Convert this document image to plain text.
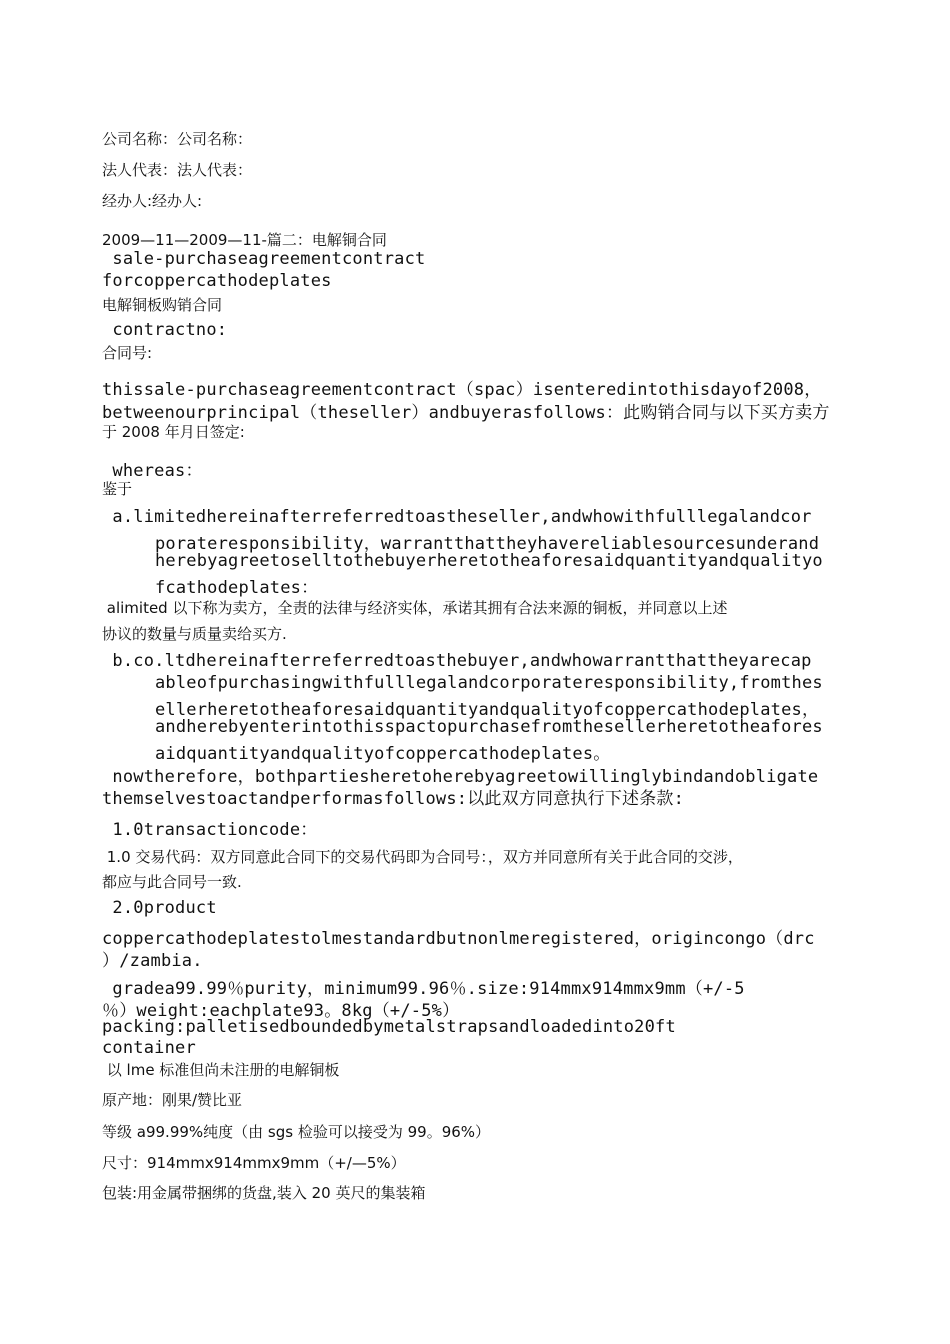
公司名称：公司名称：
法人代表：法人代表：
经办人:经办人:
2009—11—2009—11-篇二：电解铜合同
sale-purchaseagreementcontract
forcoppercathodeplates
电解铜板购销合同
contractno:
合同号:
thissale-purchaseagreementcontract（spac）isenteredintothisdayof2008，
betweenourprincipal（theseller）andbuyerasfollows：此购销合同与以下买方卖方
于 2008 年月日签定:
whereas：
鉴于
a.limitedhereinafterreferredtoastheseller,andwhowithfulllegalandcor
porateresponsibility，warrantthattheyhavereliablesourcesunderand
herebyagreetoselltothebuyerheretotheaforesaidquantityandqualityo
fcathodeplates：
alimited 以下称为卖方，全责的法律与经济实体，承诺其拥有合法来源的铜板，并同意以上述
协议的数量与质量卖给买方.
b.co.ltdhereinafterreferredtoasthebuyer,andwhowarrantthattheyarecap
ableofpurchasingwithfulllegalandcorporateresponsibility,fromthes
ellerheretotheaforesaidquantityandqualityofcoppercathodeplates，
andherebyenterintothisspactopurchasefromthesellerheretotheafores
aidquantityandqualityofcoppercathodeplates。
nowtherefore，bothpartiesheretoherebyagreetowillinglybindandobligate
themselvestoactandperformasfollows:以此双方同意执行下述条款:
1.0transactioncode：
1.0 交易代码：双方同意此合同下的交易代码即为合同号：，双方并同意所有关于此合同的交涉，
都应与此合同号一致.
2.0product
coppercathodeplatestolmestandardbutnonlmeregistered，origincongo（drc
）/zambia.
gradea99.99％purity，minimum99.96％.size:914mmx914mmx9mm（+/-5
％）weight:eachplate93。8kg（+/-5%）
packing:palletisedboundedbymetalstrapsandloadedinto20ft
container
以 lme 标准但尚未注册的电解铜板
原产地：刚果/赞比亚
等级 a99.99%纯度（由 sgs 检验可以接受为 99。96%）
尺寸：914mmx914mmx9mm（+/—5%）
包装:用金属带捆绑的货盘,装入 20 英尺的集装箱
